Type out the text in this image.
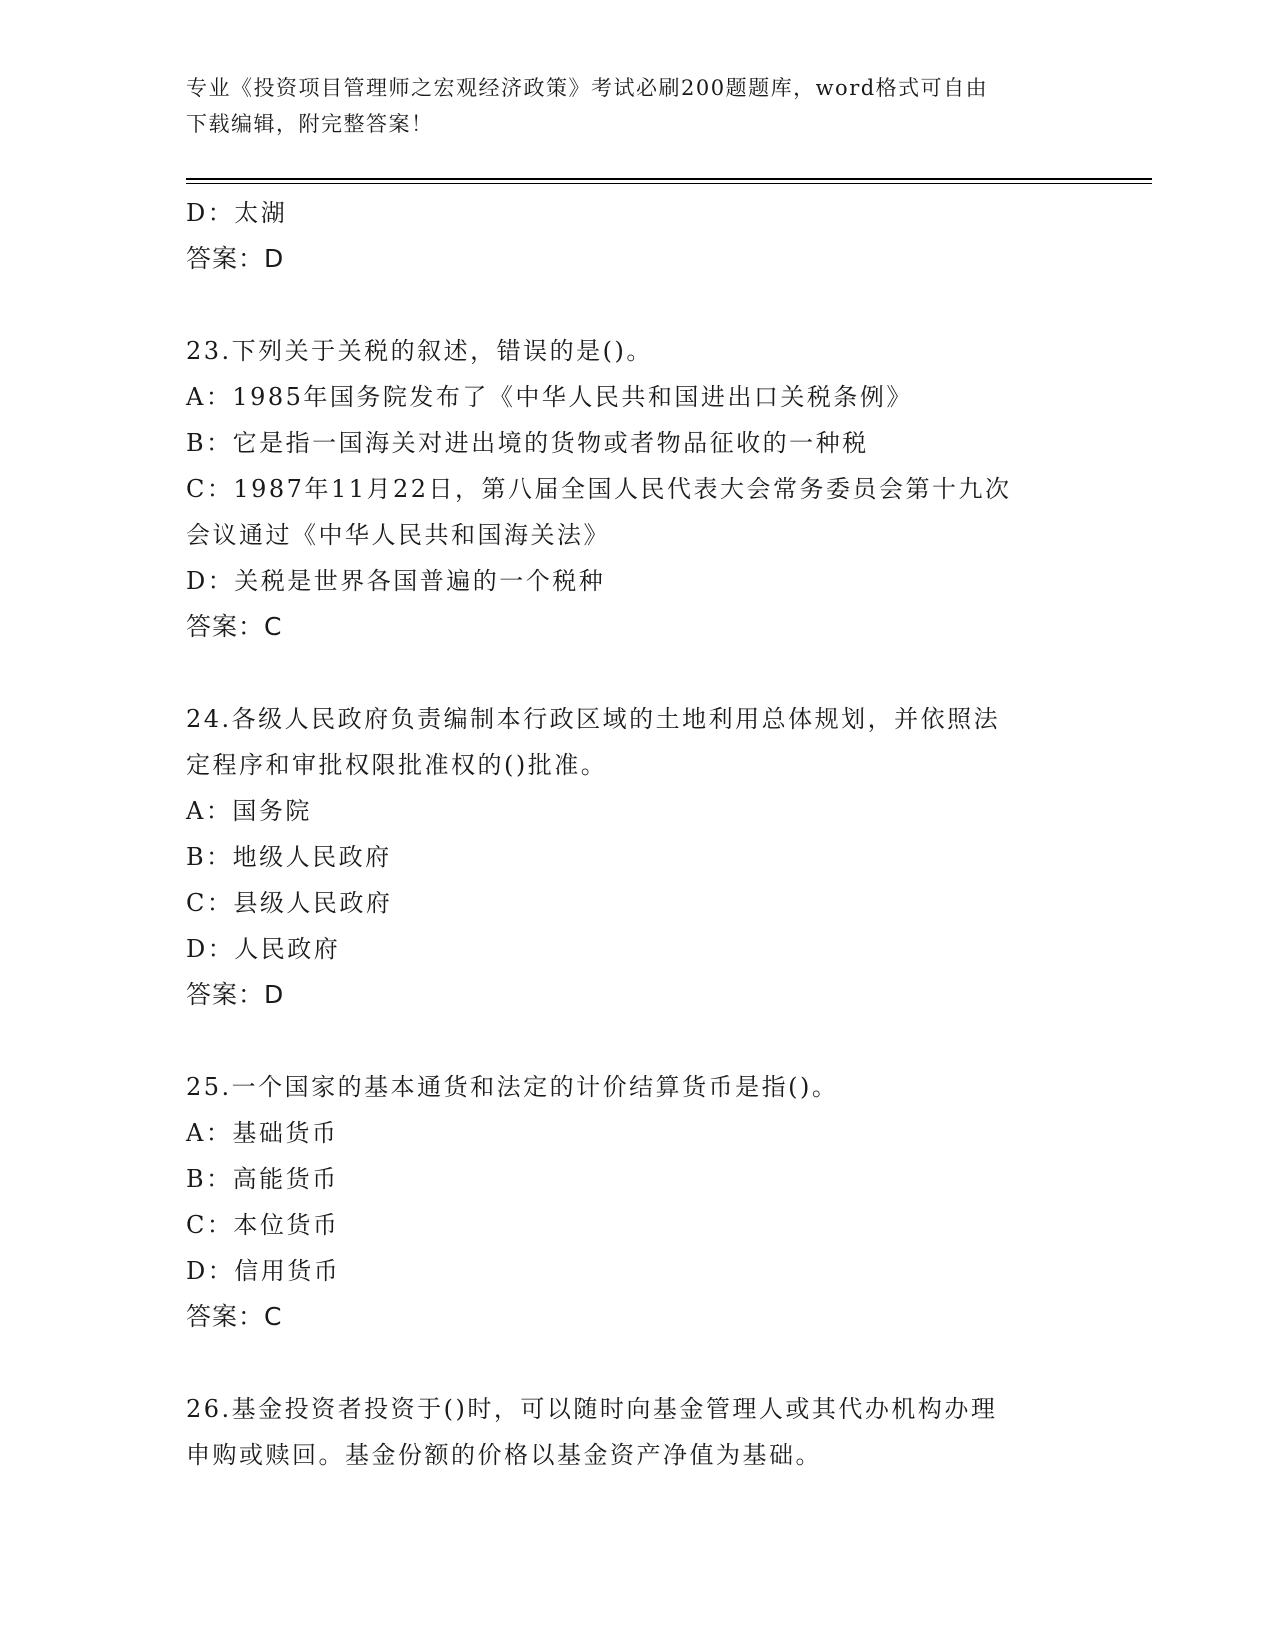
专业《投资项目管理师之宏观经济政策》考试必刷200题题库，word格式可自由
下载编辑，附完整答案！
D：太湖
答案：D
23.下列关于关税的叙述，错误的是()。
A：1985年国务院发布了《中华人民共和国进出口关税条例》
B：它是指一国海关对进出境的货物或者物品征收的一种税
C：1987年11月22日，第八届全国人民代表大会常务委员会第十九次
会议通过《中华人民共和国海关法》
D：关税是世界各国普遍的一个税种
答案：C
24.各级人民政府负责编制本行政区域的土地利用总体规划，并依照法
定程序和审批权限批准权的()批准。
A：国务院
B：地级人民政府
C：县级人民政府
D：人民政府
答案：D
25.一个国家的基本通货和法定的计价结算货币是指()。
A：基础货币
B：高能货币
C：本位货币
D：信用货币
答案：C
26.基金投资者投资于()时，可以随时向基金管理人或其代办机构办理
申购或赎回。基金份额的价格以基金资产净值为基础。
